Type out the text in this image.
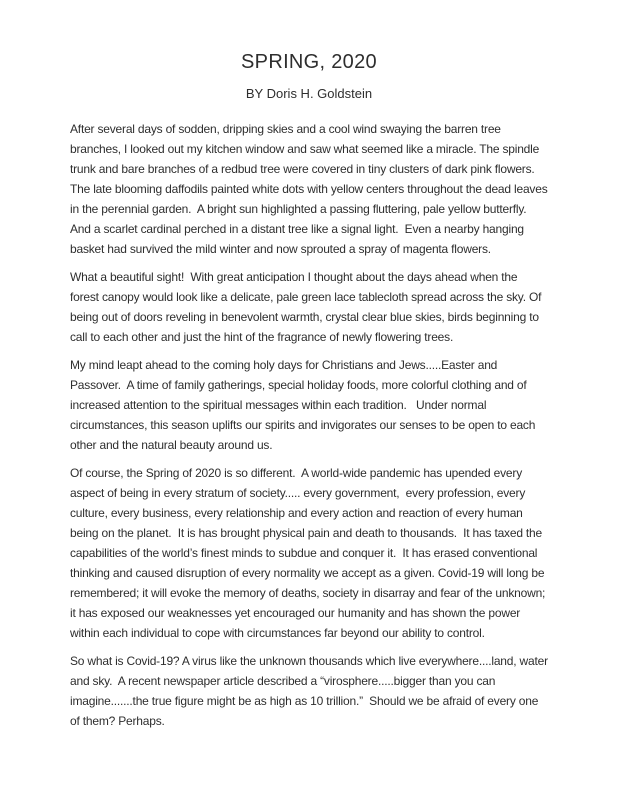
SPRING, 2020
BY Doris H. Goldstein

After several days of sodden, dripping skies and a cool wind swaying the barren tree branches, I looked out my kitchen window and saw what seemed like a miracle. The spindle trunk and bare branches of a redbud tree were covered in tiny clusters of dark pink flowers. The late blooming daffodils painted white dots with yellow centers throughout the dead leaves in the perennial garden.  A bright sun highlighted a passing fluttering, pale yellow butterfly.  And a scarlet cardinal perched in a distant tree like a signal light.  Even a nearby hanging basket had survived the mild winter and now sprouted a spray of magenta flowers.

What a beautiful sight!  With great anticipation I thought about the days ahead when the forest canopy would look like a delicate, pale green lace tablecloth spread across the sky. Of being out of doors reveling in benevolent warmth, crystal clear blue skies, birds beginning to call to each other and just the hint of the fragrance of newly flowering trees.

My mind leapt ahead to the coming holy days for Christians and Jews.....Easter and Passover.  A time of family gatherings, special holiday foods, more colorful clothing and of increased attention to the spiritual messages within each tradition.   Under normal circumstances, this season uplifts our spirits and invigorates our senses to be open to each other and the natural beauty around us.

Of course, the Spring of 2020 is so different.  A world-wide pandemic has upended every aspect of being in every stratum of society..... every government,  every profession, every culture, every business, every relationship and every action and reaction of every human being on the planet.  It is has brought physical pain and death to thousands.  It has taxed the capabilities of the world’s finest minds to subdue and conquer it.  It has erased conventional thinking and caused disruption of every normality we accept as a given. Covid-19 will long be remembered; it will evoke the memory of deaths, society in disarray and fear of the unknown; it has exposed our weaknesses yet encouraged our humanity and has shown the power within each individual to cope with circumstances far beyond our ability to control.

So what is Covid-19? A virus like the unknown thousands which live everywhere....land, water and sky.  A recent newspaper article described a “virosphere.....bigger than you can imagine.......the true figure might be as high as 10 trillion.”  Should we be afraid of every one of them? Perhaps.
